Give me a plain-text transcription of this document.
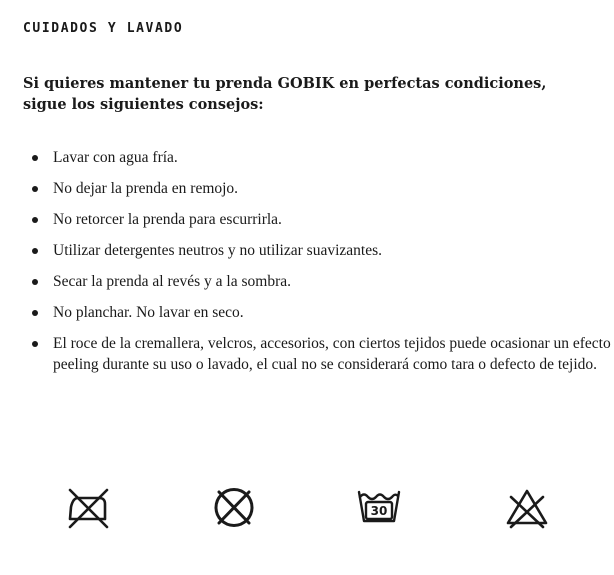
CUIDADOS Y LAVADO

Si quieres mantener tu prenda GOBIK en perfectas condiciones, sigue los siguientes consejos:

Lavar con agua fría.
No dejar la prenda en remojo.
No retorcer la prenda para escurrirla.
Utilizar detergentes neutros y no utilizar suavizantes.
Secar la prenda al revés y a la sombra.
No planchar. No lavar en seco.
El roce de la cremallera, velcros, accesorios, con ciertos tejidos puede ocasionar un efecto peeling durante su uso o lavado, el cual no se considerará como tara o defecto de tejido.
30
